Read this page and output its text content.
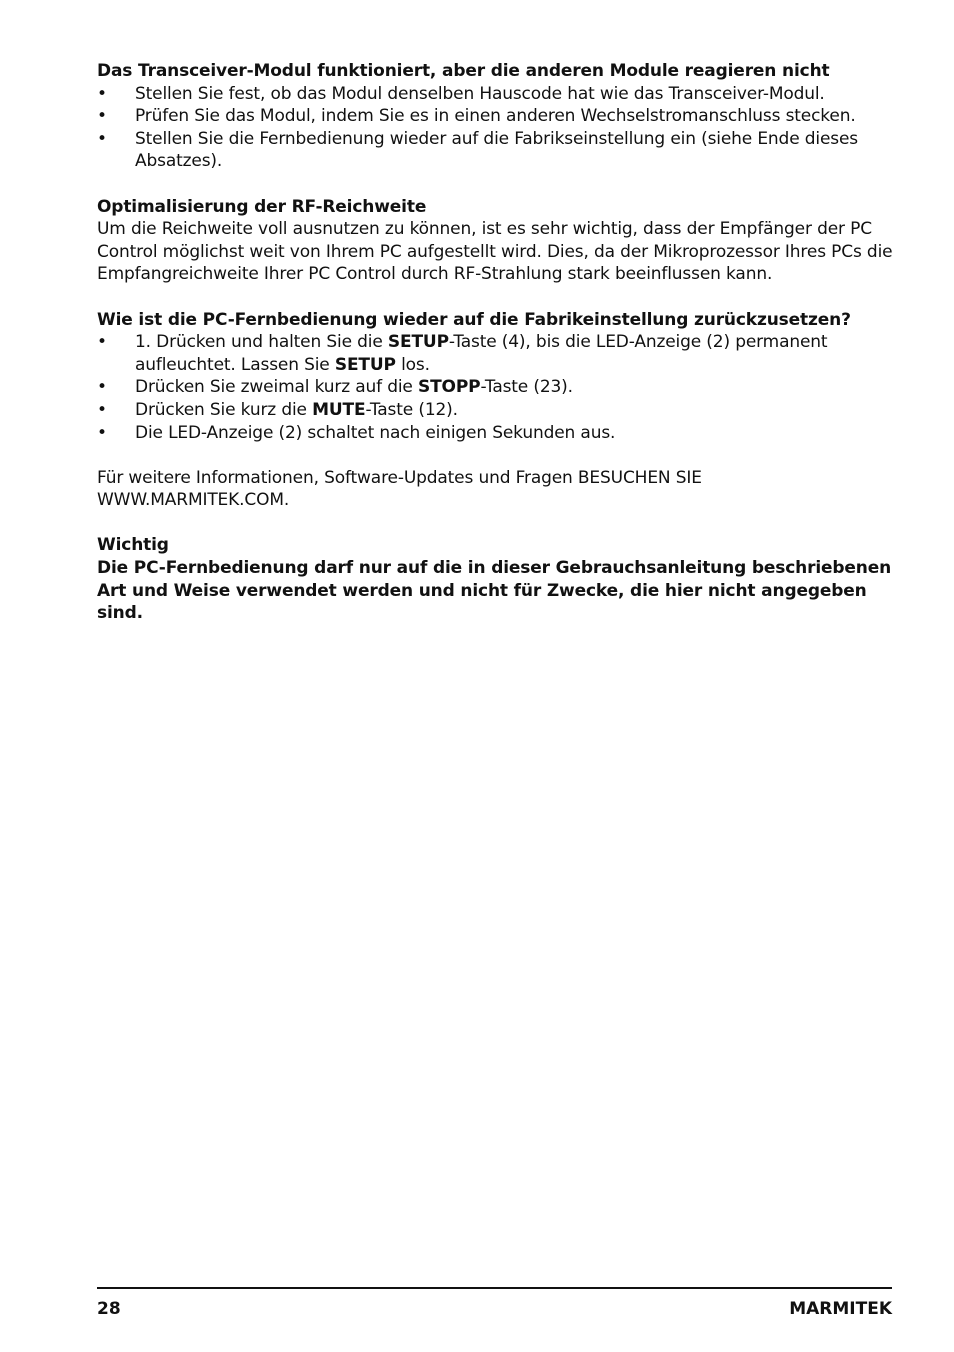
Das Transceiver-Modul funktioniert, aber die anderen Module reagieren nicht

• Stellen Sie fest, ob das Modul denselben Hauscode hat wie das Transceiver-Modul.
• Prüfen Sie das Modul, indem Sie es in einen anderen Wechselstromanschluss stecken.
• Stellen Sie die Fernbedienung wieder auf die Fabrikseinstellung ein (siehe Ende dieses Absatzes).

Optimalisierung der RF-Reichweite

Um die Reichweite voll ausnutzen zu können, ist es sehr wichtig, dass der Empfänger der PC Control möglichst weit von Ihrem PC aufgestellt wird. Dies, da der Mikroprozessor Ihres PCs die Empfangreichweite Ihrer PC Control durch RF-Strahlung stark beeinflussen kann.

Wie ist die PC-Fernbedienung wieder auf die Fabrikeinstellung zurückzusetzen?

• 1. Drücken und halten Sie die SETUP-Taste (4), bis die LED-Anzeige (2) permanent aufleuchtet. Lassen Sie SETUP los.
• Drücken Sie zweimal kurz auf die STOPP-Taste (23).
• Drücken Sie kurz die MUTE-Taste (12).
• Die LED-Anzeige (2) schaltet nach einigen Sekunden aus.

Für weitere Informationen, Software-Updates und Fragen BESUCHEN SIE

WWW.MARMITEK.COM.

Wichtig

Die PC-Fernbedienung darf nur auf die in dieser Gebrauchsanleitung beschriebenen Art und Weise verwendet werden und nicht für Zwecke, die hier nicht angegeben sind.

28	MARMITEK
